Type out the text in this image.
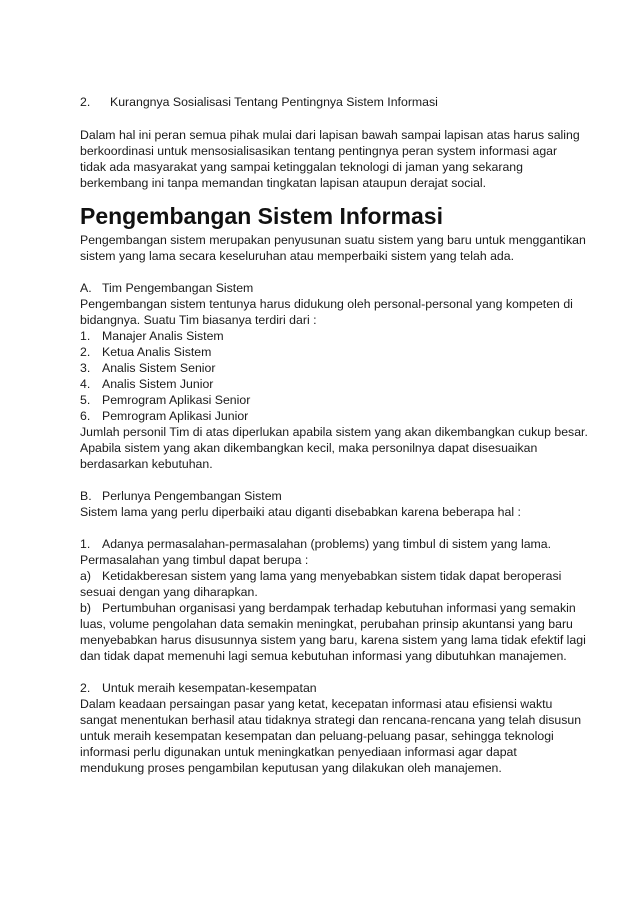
2. Kurangnya Sosialisasi Tentang Pentingnya Sistem Informasi
Dalam hal ini peran semua pihak mulai dari lapisan bawah sampai lapisan atas harus saling
berkoordinasi untuk mensosialisasikan tentang pentingnya peran system informasi agar
tidak ada masyarakat yang sampai ketinggalan teknologi di jaman yang sekarang
berkembang ini tanpa memandan tingkatan lapisan ataupun derajat social.
Pengembangan Sistem Informasi
Pengembangan sistem merupakan penyusunan suatu sistem yang baru untuk menggantikan
sistem yang lama secara keseluruhan atau memperbaiki sistem yang telah ada.
A. Tim Pengembangan Sistem
Pengembangan sistem tentunya harus didukung oleh personal-personal yang kompeten di
bidangnya. Suatu Tim biasanya terdiri dari :
1. Manajer Analis Sistem
2. Ketua Analis Sistem
3. Analis Sistem Senior
4. Analis Sistem Junior
5. Pemrogram Aplikasi Senior
6. Pemrogram Aplikasi Junior
Jumlah personil Tim di atas diperlukan apabila sistem yang akan dikembangkan cukup besar.
Apabila sistem yang akan dikembangkan kecil, maka personilnya dapat disesuaikan
berdasarkan kebutuhan.
B. Perlunya Pengembangan Sistem
Sistem lama yang perlu diperbaiki atau diganti disebabkan karena beberapa hal :
1. Adanya permasalahan-permasalahan (problems) yang timbul di sistem yang lama.
Permasalahan yang timbul dapat berupa :
a) Ketidakberesan sistem yang lama yang menyebabkan sistem tidak dapat beroperasi
sesuai dengan yang diharapkan.
b) Pertumbuhan organisasi yang berdampak terhadap kebutuhan informasi yang semakin
luas, volume pengolahan data semakin meningkat, perubahan prinsip akuntansi yang baru
menyebabkan harus disusunnya sistem yang baru, karena sistem yang lama tidak efektif lagi
dan tidak dapat memenuhi lagi semua kebutuhan informasi yang dibutuhkan manajemen.
2. Untuk meraih kesempatan-kesempatan
Dalam keadaan persaingan pasar yang ketat, kecepatan informasi atau efisiensi waktu
sangat menentukan berhasil atau tidaknya strategi dan rencana-rencana yang telah disusun
untuk meraih kesempatan kesempatan dan peluang-peluang pasar, sehingga teknologi
informasi perlu digunakan untuk meningkatkan penyediaan informasi agar dapat
mendukung proses pengambilan keputusan yang dilakukan oleh manajemen.
